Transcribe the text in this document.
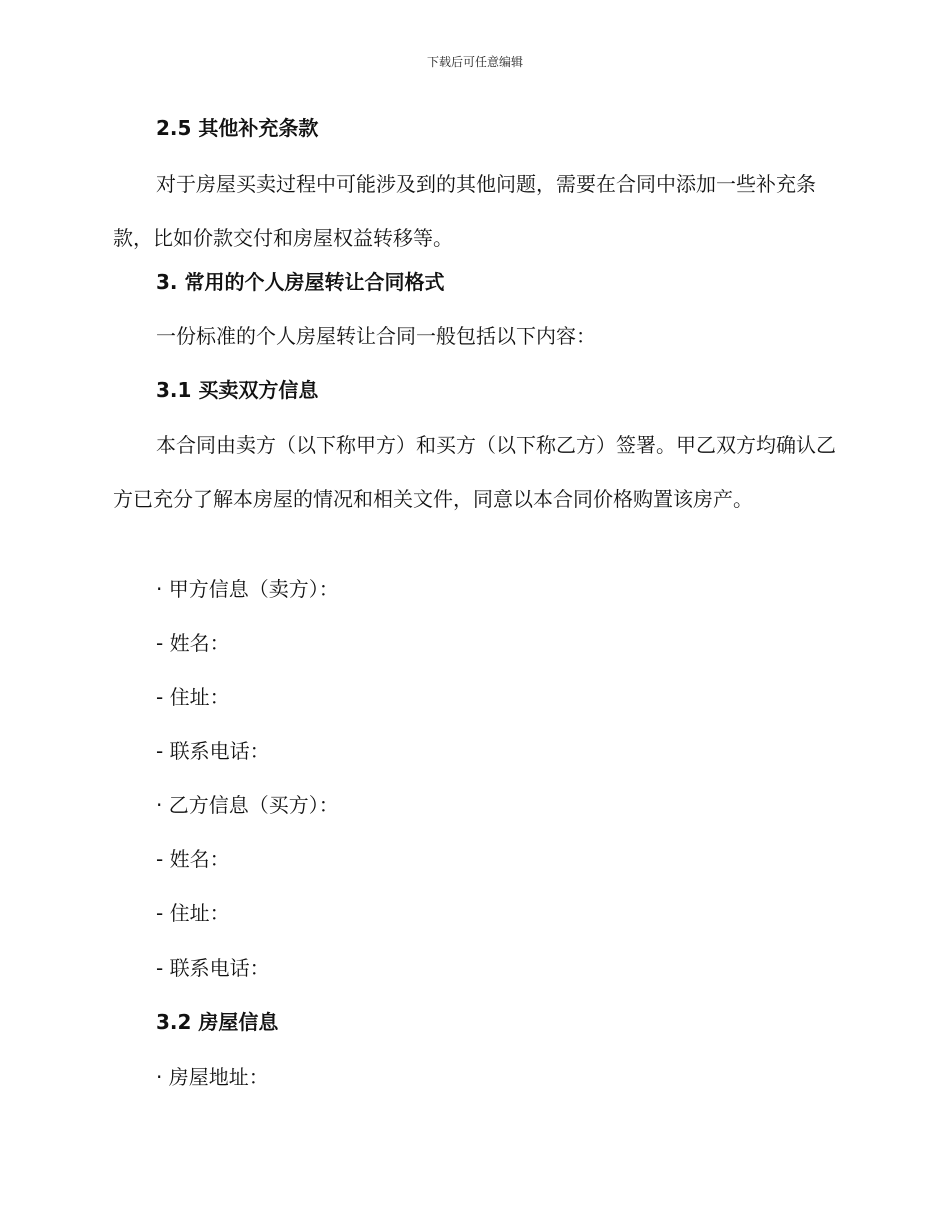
下载后可任意编辑
2.5 其他补充条款

对于房屋买卖过程中可能涉及到的其他问题，需要在合同中添加一些补充条款，比如价款交付和房屋权益转移等。

3. 常用的个人房屋转让合同格式
一份标准的个人房屋转让合同一般包括以下内容：
3.1 买卖双方信息

本合同由卖方（以下称甲方）和买方（以下称乙方）签署。甲乙双方均确认乙方已充分了解本房屋的情况和相关文件，同意以本合同价格购置该房产。

· 甲方信息（卖方）：
- 姓名：
- 住址：
- 联系电话：
· 乙方信息（买方）：
- 姓名：
- 住址：
- 联系电话：
3.2 房屋信息
· 房屋地址：
